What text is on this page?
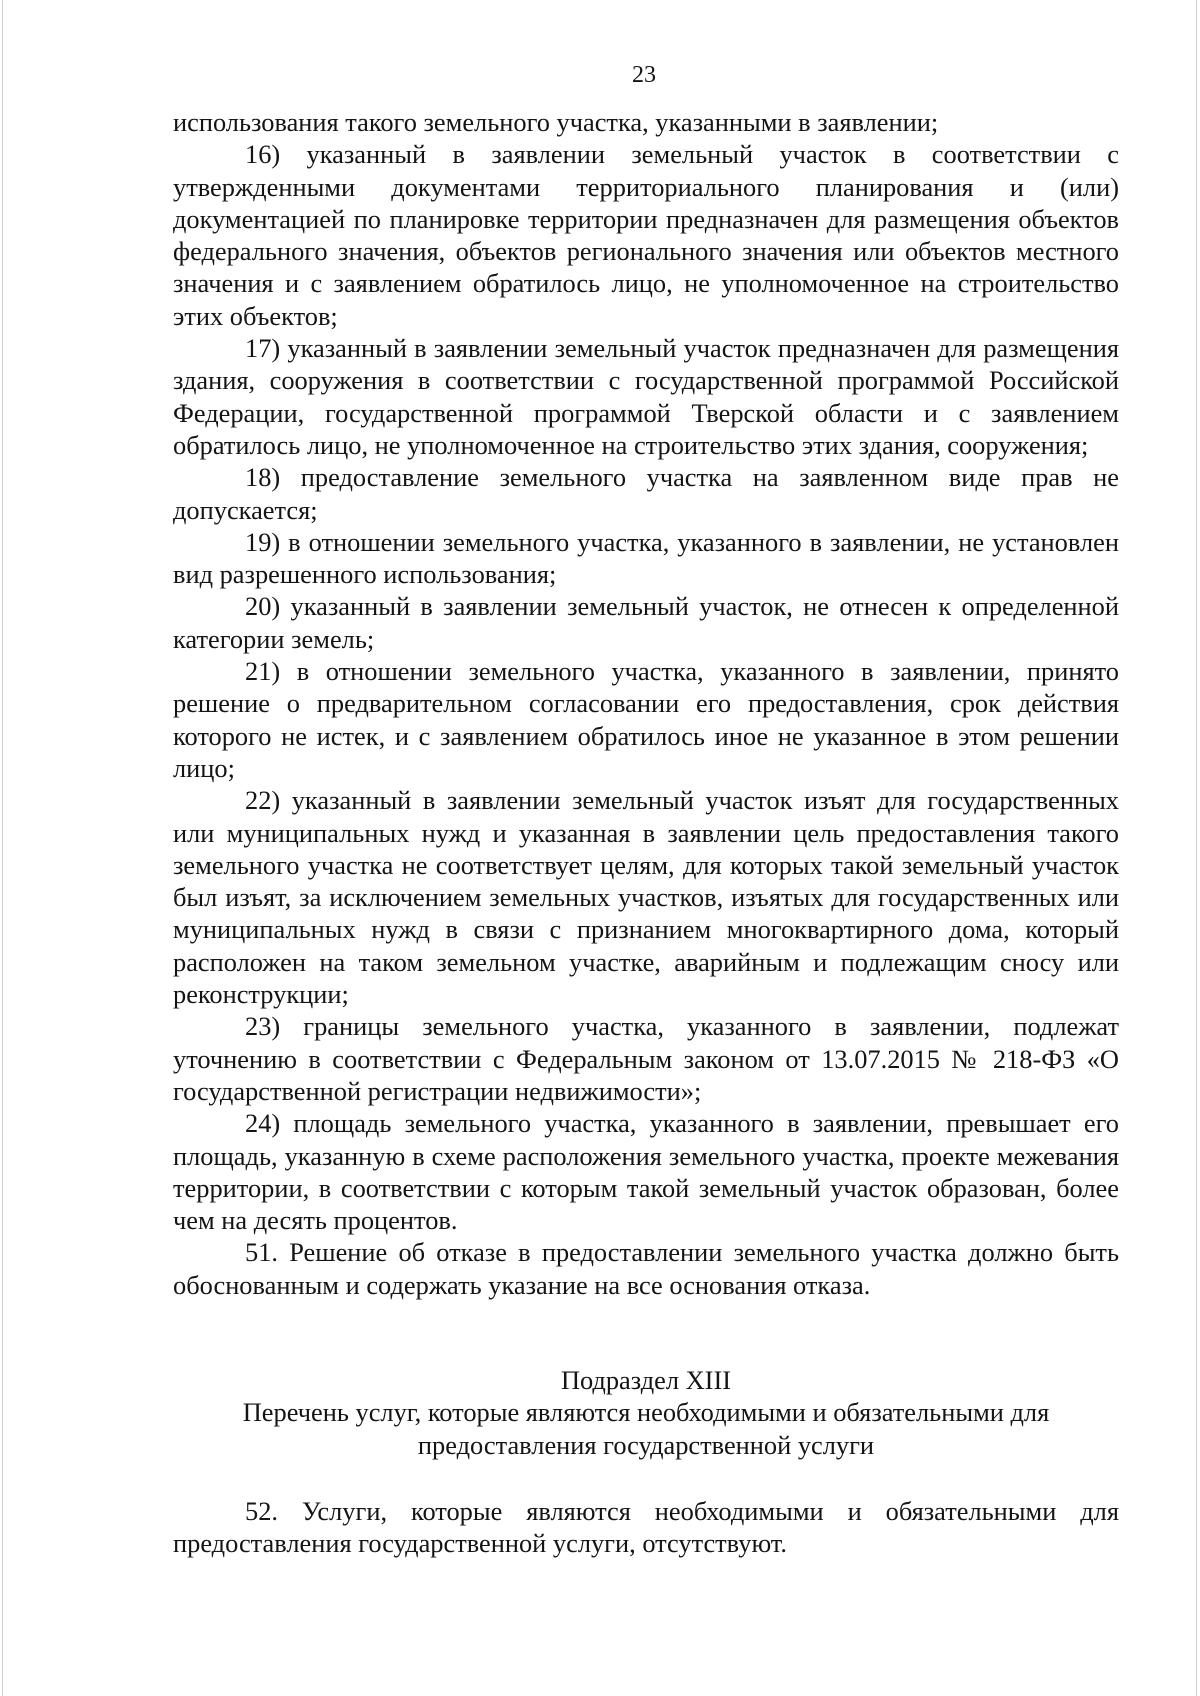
23

использования такого земельного участка, указанными в заявлении;

16) указанный в заявлении земельный участок в соответствии с утвержденными документами территориального планирования и (или) документацией по планировке территории предназначен для размещения объектов федерального значения, объектов регионального значения или объектов местного значения и с заявлением обратилось лицо, не уполномоченное на строительство этих объектов;

17) указанный в заявлении земельный участок предназначен для размещения здания, сооружения в соответствии с государственной программой Российской Федерации, государственной программой Тверской области и с заявлением обратилось лицо, не уполномоченное на строительство этих здания, сооружения;

18) предоставление земельного участка на заявленном виде прав не допускается;

19) в отношении земельного участка, указанного в заявлении, не установлен вид разрешенного использования;

20) указанный в заявлении земельный участок, не отнесен к определенной категории земель;

21) в отношении земельного участка, указанного в заявлении, принято решение о предварительном согласовании его предоставления, срок действия которого не истек, и с заявлением обратилось иное не указанное в этом решении лицо;

22) указанный в заявлении земельный участок изъят для государственных или муниципальных нужд и указанная в заявлении цель предоставления такого земельного участка не соответствует целям, для которых такой земельный участок был изъят, за исключением земельных участков, изъятых для государственных или муниципальных нужд в связи с признанием многоквартирного дома, который расположен на таком земельном участке, аварийным и подлежащим сносу или реконструкции;

23) границы земельного участка, указанного в заявлении, подлежат уточнению в соответствии с Федеральным законом от 13.07.2015 № 218-ФЗ «О государственной регистрации недвижимости»;

24) площадь земельного участка, указанного в заявлении, превышает его площадь, указанную в схеме расположения земельного участка, проекте межевания территории, в соответствии с которым такой земельный участок образован, более чем на десять процентов.

51. Решение об отказе в предоставлении земельного участка должно быть обоснованным и содержать указание на все основания отказа.

Подраздел XIII
Перечень услуг, которые являются необходимыми и обязательными для
предоставления государственной услуги

52. Услуги, которые являются необходимыми и обязательными для предоставления государственной услуги, отсутствуют.
